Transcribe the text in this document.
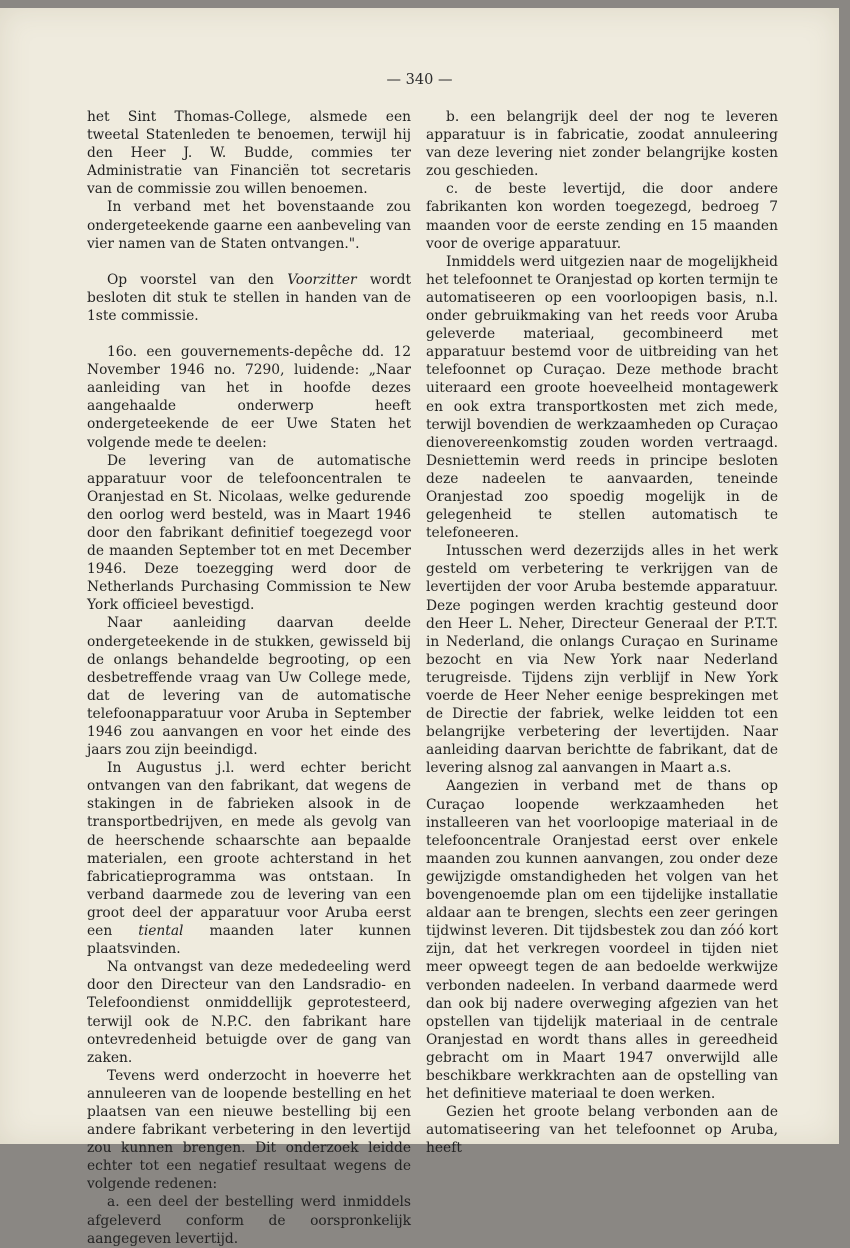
— 340 —

het Sint Thomas-College, alsmede een tweetal Statenleden te benoemen, terwijl hij den Heer J. W. Budde, commies ter Administratie van Financiën tot secretaris van de commissie zou willen benoemen.

In verband met het bovenstaande zou ondergeteekende gaarne een aanbeveling van vier namen van de Staten ontvangen.".

Op voorstel van den Voorzitter wordt besloten dit stuk te stellen in handen van de 1ste commissie.

16o. een gouvernements-depêche dd. 12 November 1946 no. 7290, luidende: „Naar aanleiding van het in hoofde dezes aangehaalde onderwerp heeft ondergeteekende de eer Uwe Staten het volgende mede te deelen:

De levering van de automatische apparatuur voor de telefooncentralen te Oranjestad en St. Nicolaas, welke gedurende den oorlog werd besteld, was in Maart 1946 door den fabrikant definitief toegezegd voor de maanden September tot en met December 1946. Deze toezegging werd door de Netherlands Purchasing Commission te New York officieel bevestigd.

Naar aanleiding daarvan deelde ondergeteekende in de stukken, gewisseld bij de onlangs behandelde begrooting, op een desbetreffende vraag van Uw College mede, dat de levering van de automatische telefoonapparatuur voor Aruba in September 1946 zou aanvangen en voor het einde des jaars zou zijn beeindigd.

In Augustus j.l. werd echter bericht ontvangen van den fabrikant, dat wegens de stakingen in de fabrieken alsook in de transportbedrijven, en mede als gevolg van de heerschende schaarschte aan bepaalde materialen, een groote achterstand in het fabricatieprogramma was ontstaan. In verband daarmede zou de levering van een groot deel der apparatuur voor Aruba eerst een tiental maanden later kunnen plaatsvinden.

Na ontvangst van deze mededeeling werd door den Directeur van den Landsradio- en Telefoondienst onmiddellijk geprotesteerd, terwijl ook de N.P.C. den fabrikant hare ontevredenheid betuigde over de gang van zaken.

Tevens werd onderzocht in hoeverre het annuleeren van de loopende bestelling en het plaatsen van een nieuwe bestelling bij een andere fabrikant verbetering in den levertijd zou kunnen brengen. Dit onderzoek leidde echter tot een negatief resultaat wegens de volgende redenen:

a. een deel der bestelling werd inmiddels afgeleverd conform de oorspronkelijk aangegeven levertijd.

b. een belangrijk deel der nog te leveren apparatuur is in fabricatie, zoodat annuleering van deze levering niet zonder belangrijke kosten zou geschieden.

c. de beste levertijd, die door andere fabrikanten kon worden toegezegd, bedroeg 7 maanden voor de eerste zending en 15 maanden voor de overige apparatuur.

Inmiddels werd uitgezien naar de mogelijkheid het telefoonnet te Oranjestad op korten termijn te automatiseeren op een voorloopigen basis, n.l. onder gebruikmaking van het reeds voor Aruba geleverde materiaal, gecombineerd met apparatuur bestemd voor de uitbreiding van het telefoonnet op Curaçao. Deze methode bracht uiteraard een groote hoeveelheid montagewerk en ook extra transportkosten met zich mede, terwijl bovendien de werkzaamheden op Curaçao dienovereenkomstig zouden worden vertraagd. Desniettemin werd reeds in principe besloten deze nadeelen te aanvaarden, teneinde Oranjestad zoo spoedig mogelijk in de gelegenheid te stellen automatisch te telefoneeren.

Intusschen werd dezerzijds alles in het werk gesteld om verbetering te verkrijgen van de levertijden der voor Aruba bestemde apparatuur. Deze pogingen werden krachtig gesteund door den Heer L. Neher, Directeur Generaal der P.T.T. in Nederland, die onlangs Curaçao en Suriname bezocht en via New York naar Nederland terugreisde. Tijdens zijn verblijf in New York voerde de Heer Neher eenige besprekingen met de Directie der fabriek, welke leidden tot een belangrijke verbetering der levertijden. Naar aanleiding daarvan berichtte de fabrikant, dat de levering alsnog zal aanvangen in Maart a.s.

Aangezien in verband met de thans op Curaçao loopende werkzaamheden het installeeren van het voorloopige materiaal in de telefooncentrale Oranjestad eerst over enkele maanden zou kunnen aanvangen, zou onder deze gewijzigde omstandigheden het volgen van het bovengenoemde plan om een tijdelijke installatie aldaar aan te brengen, slechts een zeer geringen tijdwinst leveren. Dit tijdsbestek zou dan zóó kort zijn, dat het verkregen voordeel in tijden niet meer opweegt tegen de aan bedoelde werkwijze verbonden nadeelen. In verband daarmede werd dan ook bij nadere overweging afgezien van het opstellen van tijdelijk materiaal in de centrale Oranjestad en wordt thans alles in gereedheid gebracht om in Maart 1947 onverwijld alle beschikbare werkkrachten aan de opstelling van het definitieve materiaal te doen werken.

Gezien het groote belang verbonden aan de automatiseering van het telefoonnet op Aruba, heeft
